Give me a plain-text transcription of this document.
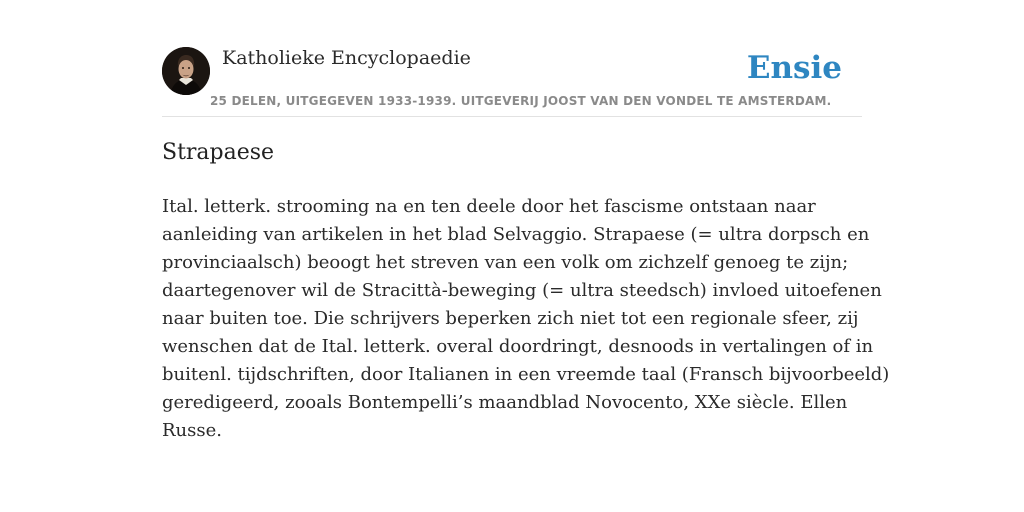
Katholieke Encyclopaedie
25 DELEN, UITGEGEVEN 1933-1939. UITGEVERIJ JOOST VAN DEN VONDEL TE AMSTERDAM.
Ensie
Strapaese
Ital. letterk. strooming na en ten deele door het fascisme ontstaan naar
aanleiding van artikelen in het blad Selvaggio. Strapaese (= ultra dorpsch en
provinciaalsch) beoogt het streven van een volk om zichzelf genoeg te zijn;
daartegenover wil de Stracittà-beweging (= ultra steedsch) invloed uitoefenen
naar buiten toe. Die schrijvers beperken zich niet tot een regionale sfeer, zij
wenschen dat de Ital. letterk. overal doordringt, desnoods in vertalingen of in
buitenl. tijdschriften, door Italianen in een vreemde taal (Fransch bijvoorbeeld)
geredigeerd, zooals Bontempelli’s maandblad Novocento, XXe siècle. Ellen
Russe.
